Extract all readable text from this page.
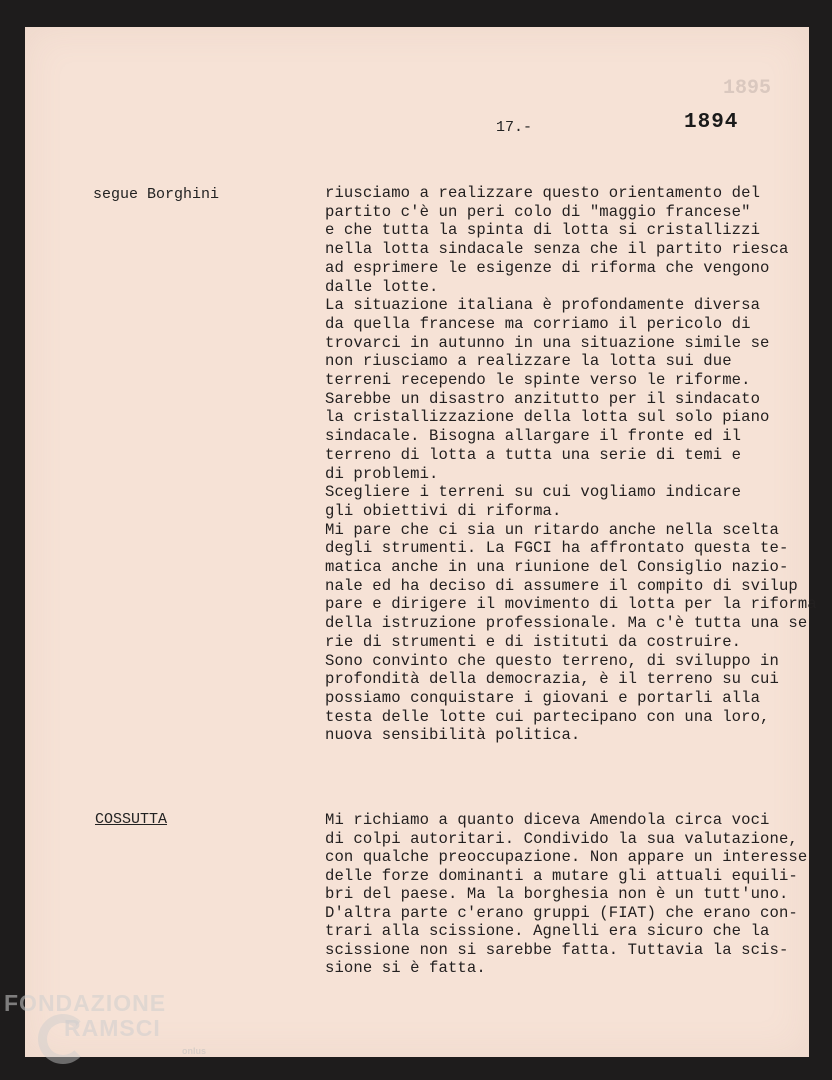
1895
17.-	1894
segue Borghini	riusciamo a realizzare questo orientamento del
partito c'è un peri colo di "maggio francese"
e che tutta la spinta di lotta si cristallizzi
nella lotta sindacale senza che il partito riesca
ad esprimere le esigenze di riforma che vengono
dalle lotte.
La situazione italiana è profondamente diversa
da quella francese ma corriamo il pericolo di
trovarci in autunno in una situazione simile se
non riusciamo a realizzare la lotta sui due
terreni recependo le spinte verso le riforme.
Sarebbe un disastro anzitutto per il sindacato
la cristallizzazione della lotta sul solo piano
sindacale. Bisogna allargare il fronte ed il
terreno di lotta a tutta una serie di temi e
di problemi.
Scegliere i terreni su cui vogliamo indicare
gli obiettivi di riforma.
Mi pare che ci sia un ritardo anche nella scelta
degli strumenti. La FGCI ha affrontato questa te-
matica anche in una riunione del Consiglio nazio-
nale ed ha deciso di assumere il compito di svilup
pare e dirigere il movimento di lotta per la riforma
della istruzione professionale. Ma c'è tutta una se
rie di strumenti e di istituti da costruire.
Sono convinto che questo terreno, di sviluppo in
profondità della democrazia, è il terreno su cui
possiamo conquistare i giovani e portarli alla
testa delle lotte cui partecipano con una loro,
nuova sensibilità politica.
COSSUTTA	Mi richiamo a quanto diceva Amendola circa voci
di colpi autoritari. Condivido la sua valutazione,
con qualche preoccupazione. Non appare un interesse
delle forze dominanti a mutare gli attuali equili-
bri del paese. Ma la borghesia non è un tutt'uno.
D'altra parte c'erano gruppi (FIAT) che erano con-
trari alla scissione. Agnelli era sicuro che la
scissione non si sarebbe fatta. Tuttavia la scis-
sione si è fatta.
FONDAZIONE
RAMSCI
onlus
